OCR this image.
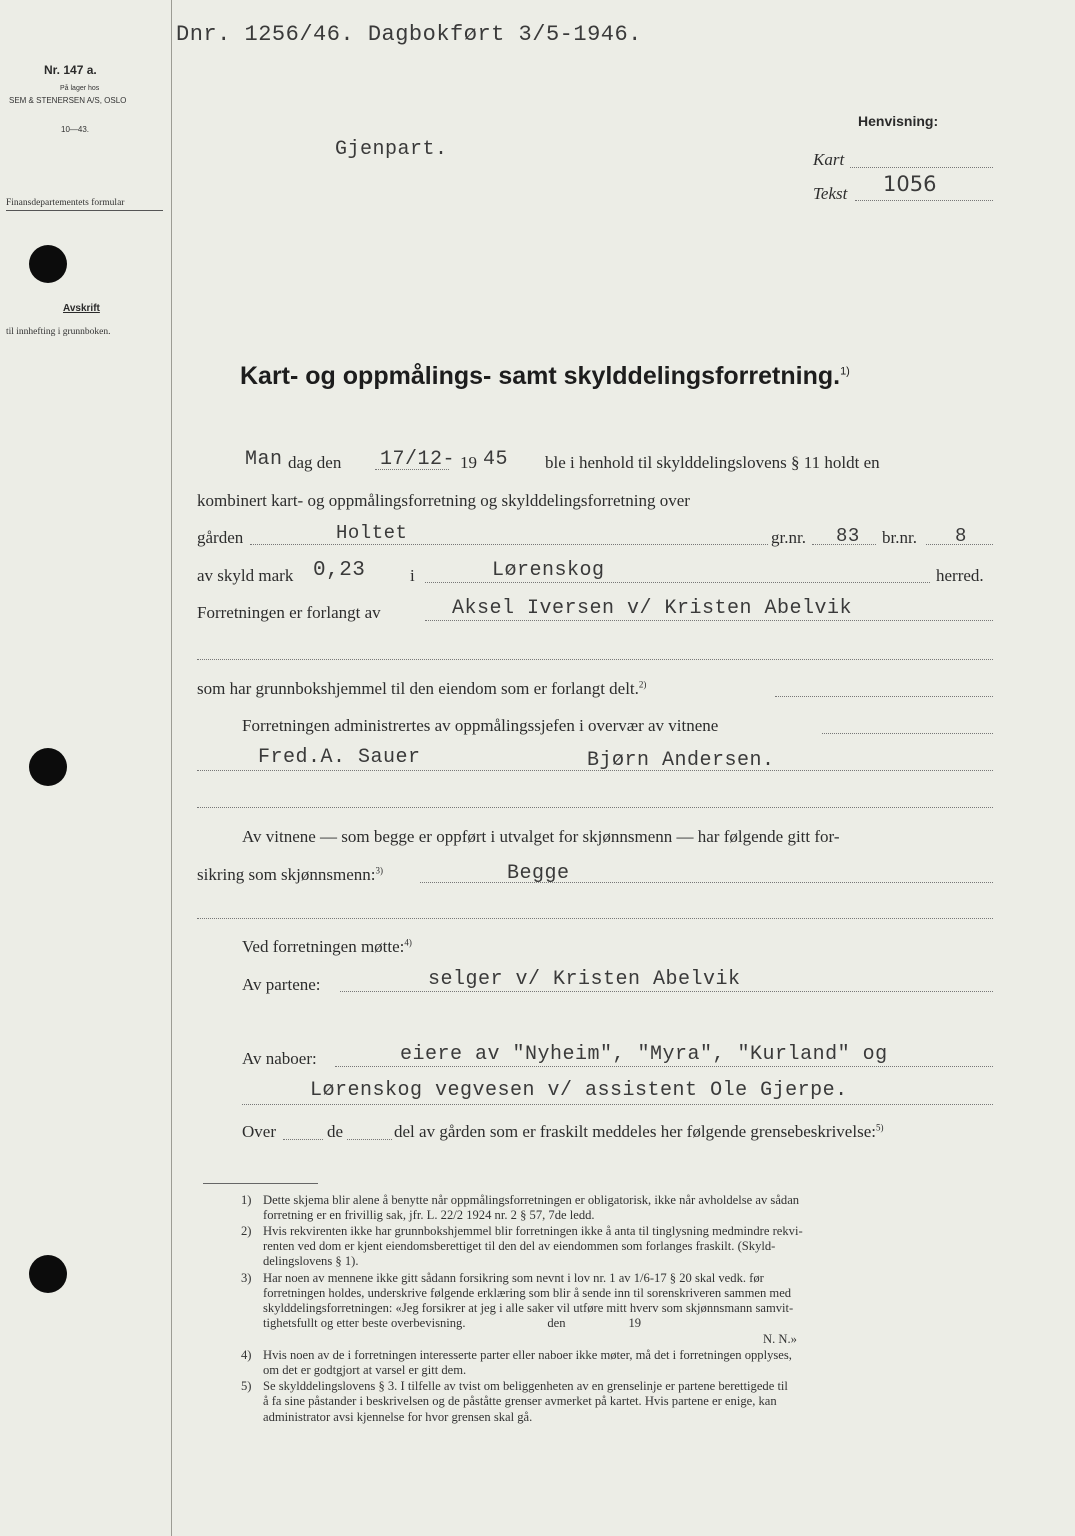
Dnr. 1256/46. Dagbokført 3/5-1946.
Gjenpart.
Henvisning:
Kart
Tekst 1056
Nr. 147 a.
På lager hos
SEM & STENERSEN A/S, OSLO
10—43.
Finansdepartementets formular
Avskrift
til innhefting i grunnboken.
Kart- og oppmålings- samt skylddelingsforretning.$^{1)}$
Man dag den 17/12- 19 45 ble i henhold til skylddelingslovens § 11 holdt en
kombinert kart- og oppmålingsforretning og skylddelingsforretning over
gården	Holtet	gr.nr. 83 br.nr. 8
av skyld mark 0,23	i	Lørenskog	herred.
Forretningen er forlangt av	Aksel Iversen v/ Kristen Abelvik
som har grunnbokshjemmel til den eiendom som er forlangt delt.$^{2)}$
Forretningen administrertes av oppmålingssjefen i overvær av vitnene
Fred.A. Sauer	Bjørn Andersen.
Av vitnene — som begge er oppført i utvalget for skjønnsmenn — har følgende gitt for-
sikring som skjønnsmenn:$^{3)}$	Begge
Ved forretningen møtte:$^{4)}$
Av partene:	selger v/ Kristen Abelvik
Av naboer:	eiere av "Nyheim", "Myra", "Kurland" og
Lørenskog vegvesen v/ assistent Ole Gjerpe.
Over	de	del av gården som er fraskilt meddeles her følgende grensebeskrivelse:$^{5)}$
1) Dette skjema blir alene å benytte når oppmålingsforretningen er obligatorisk, ikke når avholdelse av sådan
forretning er en frivillig sak, jfr. L. 22/2 1924 nr. 2 § 57, 7de ledd.
2) Hvis rekvirenten ikke har grunnbokshjemmel blir forretningen ikke å anta til tinglysning medmindre rekvi-
renten ved dom er kjent eiendomsberettiget til den del av eiendommen som forlanges fraskilt. (Skyld-
delingslovens § 1).
3) Har noen av mennene ikke gitt sådann forsikring som nevnt i lov nr. 1 av 1/6-17 § 20 skal vedk. før
forretningen holdes, underskrive følgende erklæring som blir å sende inn til sorenskriveren sammen med
skylddelingsforretningen: «Jeg forsikrer at jeg i alle saker vil utføre mitt hverv som skjønnsmann samvit-
tighetsfullt og etter beste overbevisning.                          den                    19
N. N.»
4) Hvis noen av de i forretningen interesserte parter eller naboer ikke møter, må det i forretningen opplyses,
om det er godtgjort at varsel er gitt dem.
5) Se skylddelingslovens § 3. I tilfelle av tvist om beliggenheten av en grenselinje er partene berettigede til
å fa sine påstander i beskrivelsen og de påståtte grenser avmerket på kartet. Hvis partene er enige, kan
administrator avsi kjennelse for hvor grensen skal gå.
